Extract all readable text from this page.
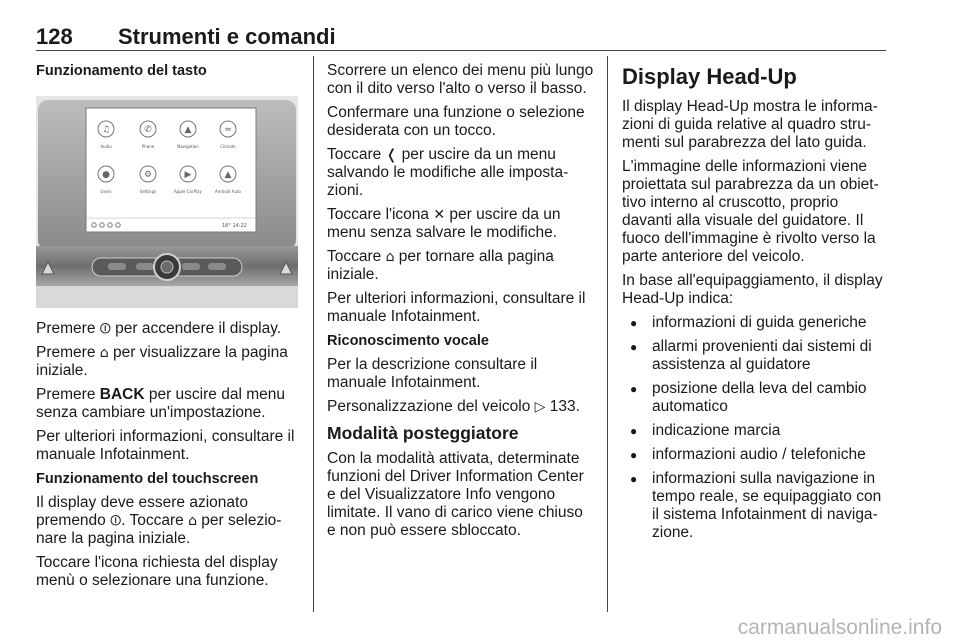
128 Strumenti e comandi

Funzionamento del tasto

♫
Audio
✆
Phone
▲
Navigation
≈
Climate
●
Users
⚙
Settings
▶
Apple CarPlay
▲
Android Auto
18° 14:22

Premere ⏼ per accendere il display.

Premere ⌂ per visualizzare la pagina iniziale.

Premere BACK per uscire dal menu senza cambiare un'impostazione.

Per ulteriori informazioni, consultare il manuale Infotainment.

Funzionamento del touchscreen

Il display deve essere azionato premendo ⏼. Toccare ⌂ per selezio-nare la pagina iniziale.

Toccare l'icona richiesta del display menù o selezionare una funzione.

Scorrere un elenco dei menu più lungo con il dito verso l'alto o verso il basso.

Confermare una funzione o selezione desiderata con un tocco.

Toccare ❬ per uscire da un menu salvando le modifiche alle imposta-zioni.

Toccare l'icona ✕ per uscire da un menu senza salvare le modifiche.

Toccare ⌂ per tornare alla pagina iniziale.

Per ulteriori informazioni, consultare il manuale Infotainment.

Riconoscimento vocale

Per la descrizione consultare il manuale Infotainment.

Personalizzazione del veicolo ▷ 133.

Modalità posteggiatore

Con la modalità attivata, determinate funzioni del Driver Information Center e del Visualizzatore Info vengono limitate. Il vano di carico viene chiuso e non può essere sbloccato.

Display Head-Up

Il display Head-Up mostra le informa-zioni di guida relative al quadro stru-menti sul parabrezza del lato guida.

L'immagine delle informazioni viene proiettata sul parabrezza da un obiet-tivo interno al cruscotto, proprio davanti alla visuale del guidatore. Il fuoco dell'immagine è rivolto verso la parte anteriore del veicolo.

In base all'equipaggiamento, il display Head-Up indica:

● informazioni di guida generiche
● allarmi provenienti dai sistemi di assistenza al guidatore
● posizione della leva del cambio automatico
● indicazione marcia
● informazioni audio / telefoniche
● informazioni sulla navigazione in tempo reale, se equipaggiato con il sistema Infotainment di naviga-zione.
carmanualsonline.info
